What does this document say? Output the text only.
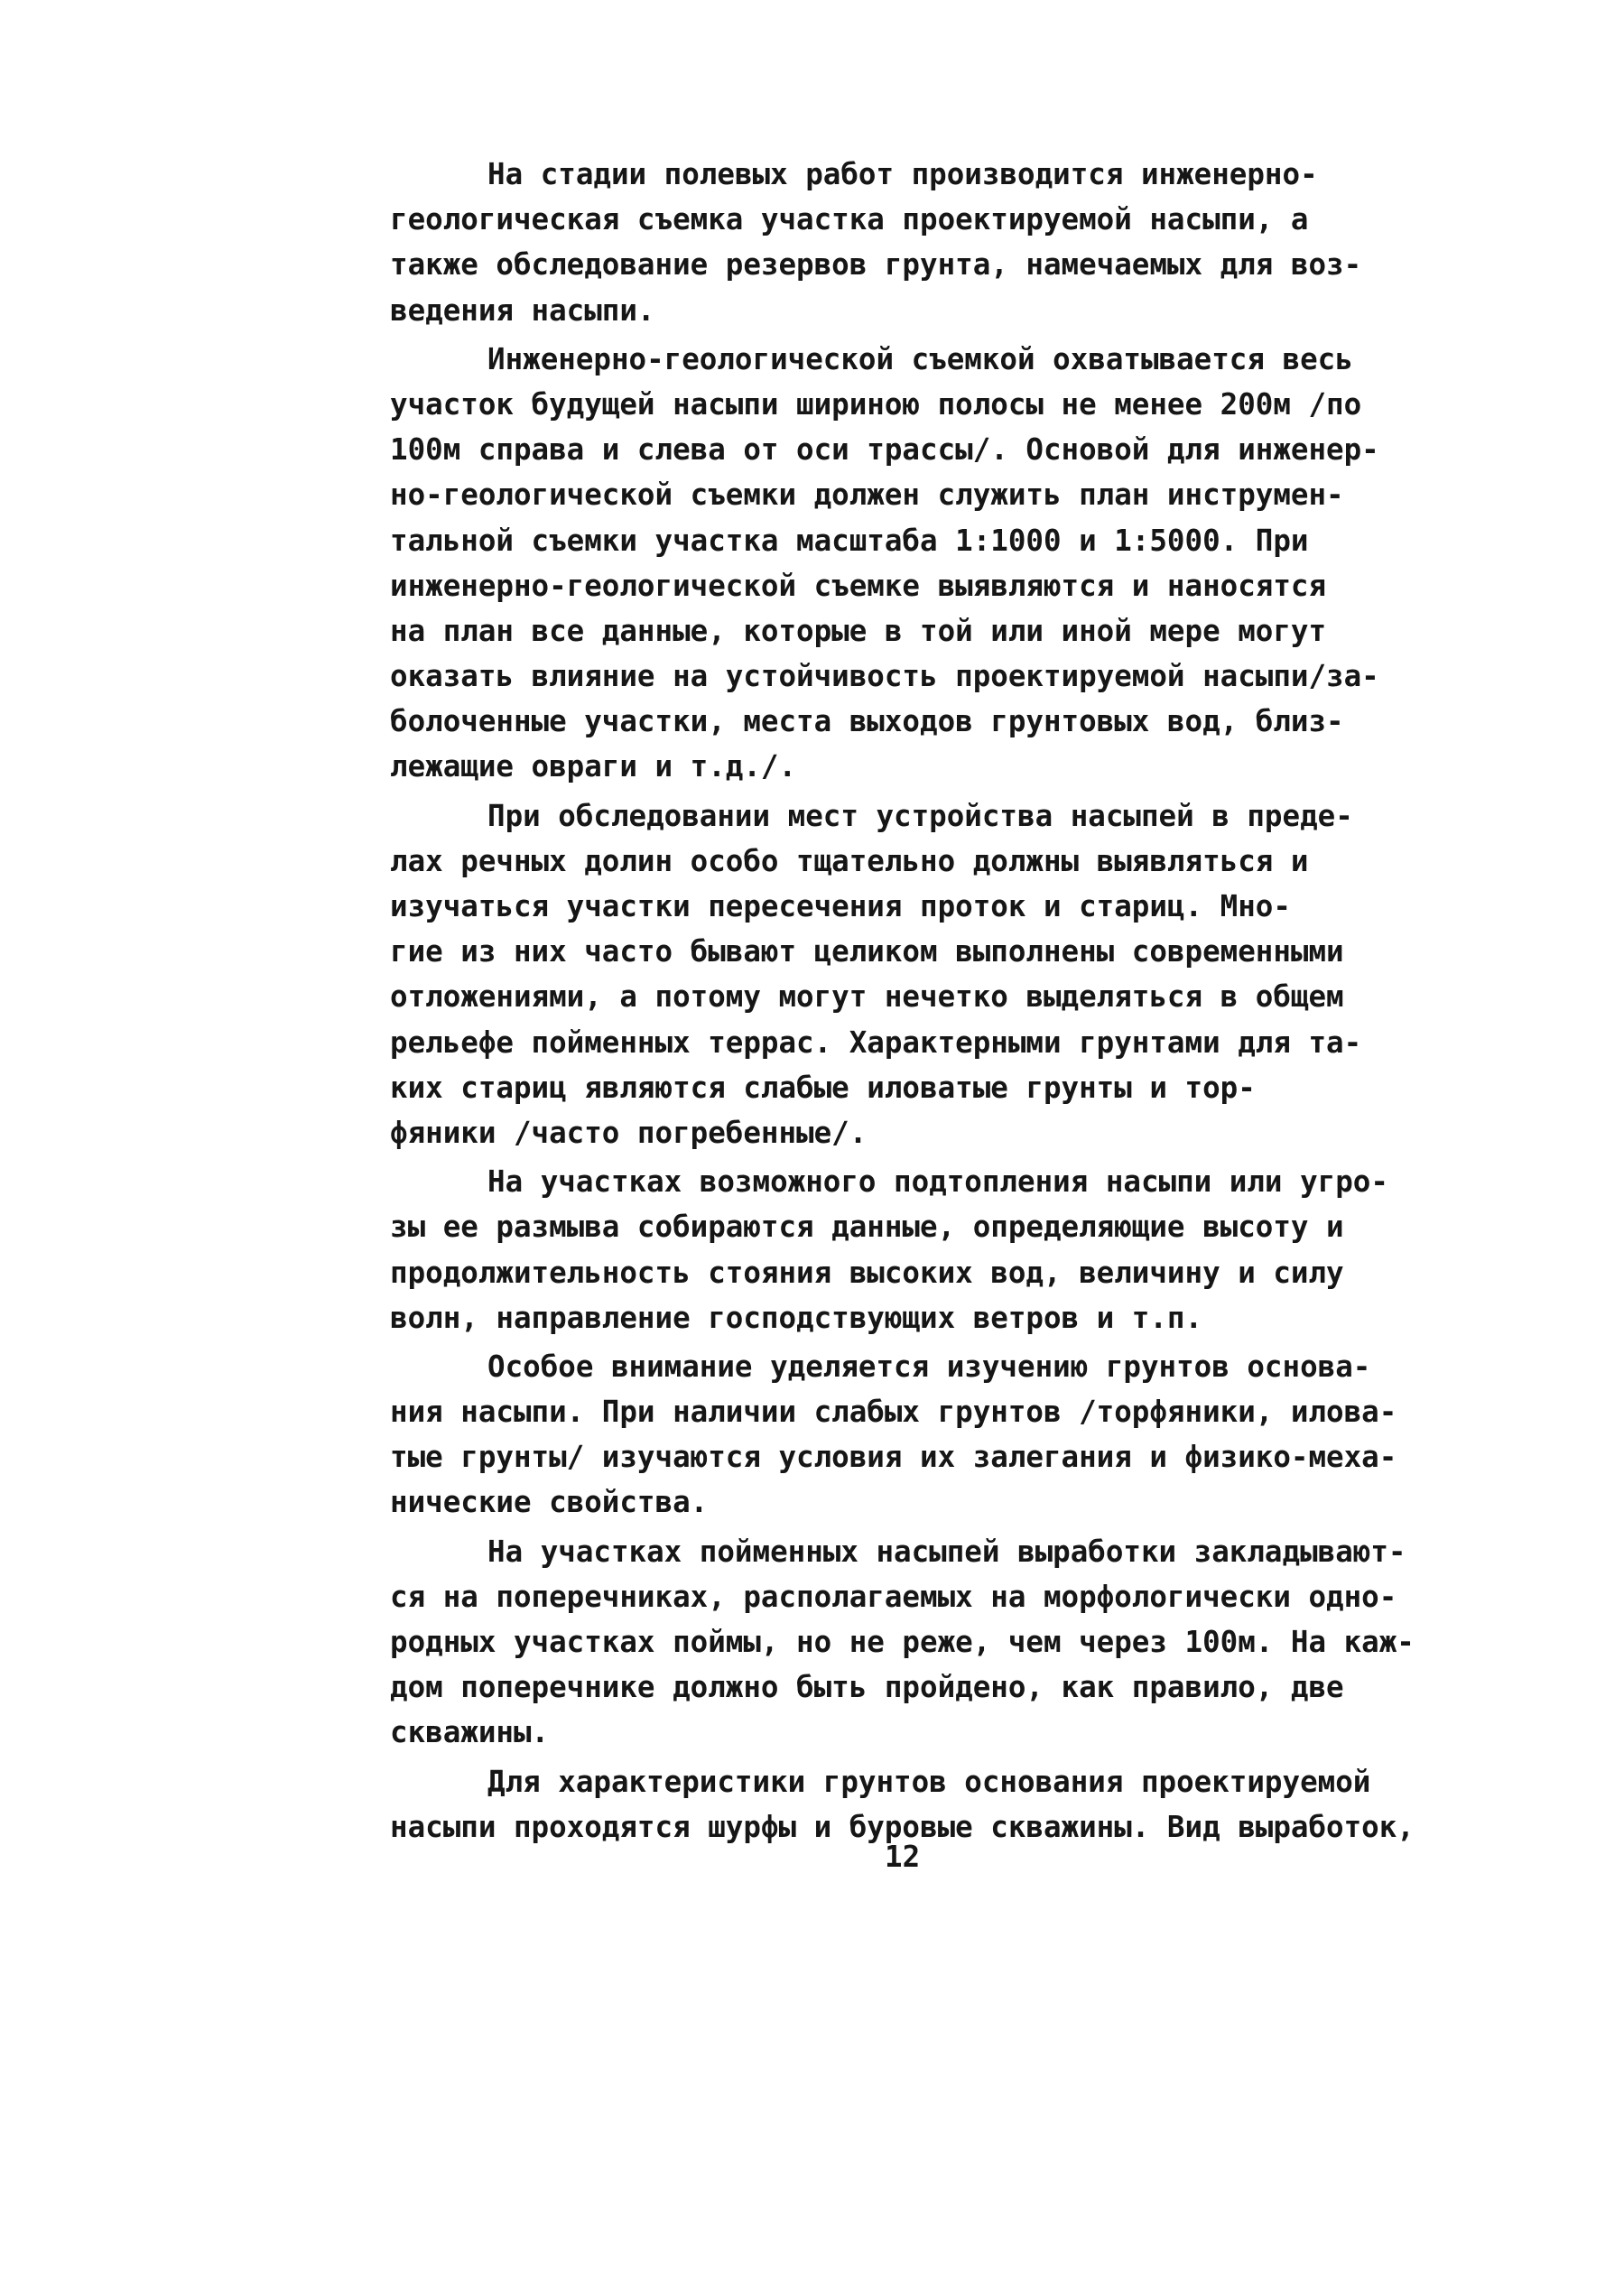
На стадии полевых работ производится инженерно-
геологическая съемка участка проектируемой насыпи, а
также обследование резервов грунта, намечаемых для воз-
ведения насыпи.
Инженерно-геологической съемкой охватывается весь
участок будущей насыпи шириною полосы не менее 200м /по
100м справа и слева от оси трассы/. Основой для инженер-
но-геологической съемки должен служить план инструмен-
тальной съемки участка масштаба 1:1000 и 1:5000. При
инженерно-геологической съемке выявляются и наносятся
на план все данные, которые в той или иной мере могут
оказать влияние на устойчивость проектируемой насыпи/за-
болоченные участки, места выходов грунтовых вод, близ-
лежащие овраги и т.д./.
При обследовании мест устройства насыпей в преде-
лах речных долин особо тщательно должны выявляться и
изучаться участки пересечения проток и стариц. Мно-
гие из них часто бывают целиком выполнены современными
отложениями, а потому могут нечетко выделяться в общем
рельефе пойменных террас. Характерными грунтами для та-
ких стариц являются слабые иловатые грунты и тор-
фяники /часто погребенные/.
На участках возможного подтопления насыпи или угро-
зы ее размыва собираются данные, определяющие высоту и
продолжительность стояния высоких вод, величину и силу
волн, направление господствующих ветров и т.п.
Особое внимание уделяется изучению грунтов основа-
ния насыпи. При наличии слабых грунтов /торфяники, илова-
тые грунты/ изучаются условия их залегания и физико-меха-
нические свойства.
На участках пойменных насыпей выработки закладывают-
ся на поперечниках, располагаемых на морфологически одно-
родных участках поймы, но не реже, чем через 100м. На каж-
дом поперечнике должно быть пройдено, как правило, две
скважины.
Для характеристики грунтов основания проектируемой
насыпи проходятся шурфы и буровые скважины. Вид выработок,
12
